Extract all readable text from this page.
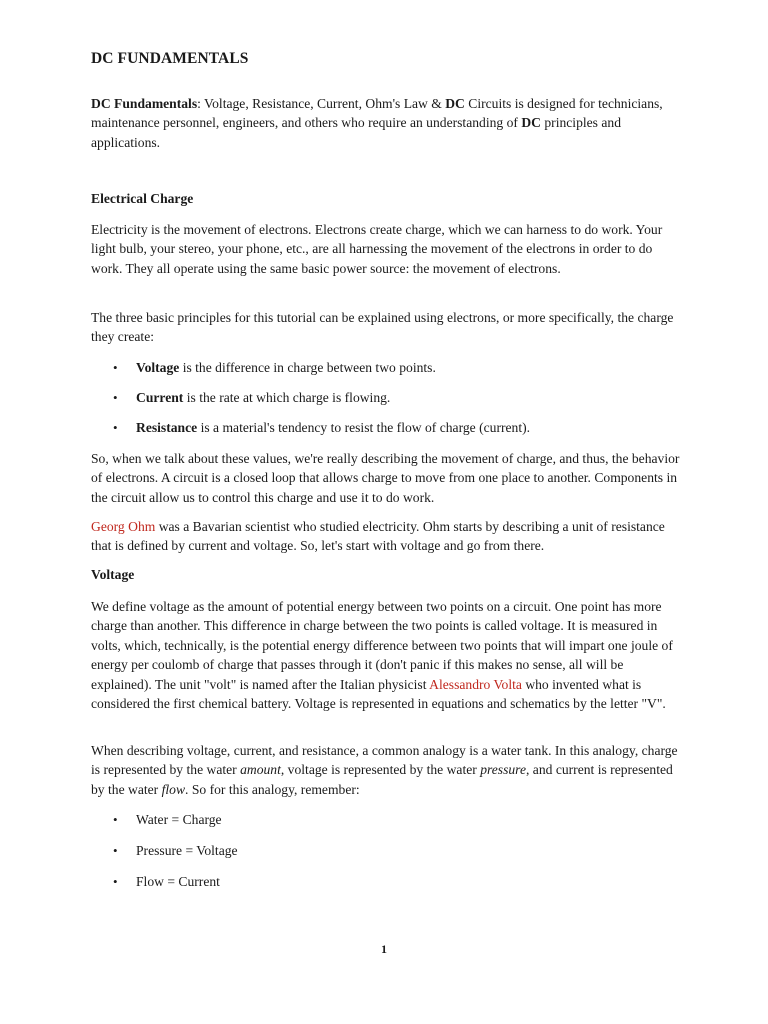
DC FUNDAMENTALS

DC Fundamentals: Voltage, Resistance, Current, Ohm's Law & DC Circuits is designed for technicians, maintenance personnel, engineers, and others who require an understanding of DC principles and applications.

Electrical Charge

Electricity is the movement of electrons. Electrons create charge, which we can harness to do work. Your light bulb, your stereo, your phone, etc., are all harnessing the movement of the electrons in order to do work. They all operate using the same basic power source: the movement of electrons.

The three basic principles for this tutorial can be explained using electrons, or more specifically, the charge they create:

• Voltage is the difference in charge between two points.
• Current is the rate at which charge is flowing.
• Resistance is a material's tendency to resist the flow of charge (current).

So, when we talk about these values, we're really describing the movement of charge, and thus, the behavior of electrons. A circuit is a closed loop that allows charge to move from one place to another. Components in the circuit allow us to control this charge and use it to do work.

Georg Ohm was a Bavarian scientist who studied electricity. Ohm starts by describing a unit of resistance that is defined by current and voltage. So, let's start with voltage and go from there.

Voltage

We define voltage as the amount of potential energy between two points on a circuit. One point has more charge than another. This difference in charge between the two points is called voltage. It is measured in volts, which, technically, is the potential energy difference between two points that will impart one joule of energy per coulomb of charge that passes through it (don't panic if this makes no sense, all will be explained). The unit "volt" is named after the Italian physicist Alessandro Volta who invented what is considered the first chemical battery. Voltage is represented in equations and schematics by the letter "V".

When describing voltage, current, and resistance, a common analogy is a water tank. In this analogy, charge is represented by the water amount, voltage is represented by the water pressure, and current is represented by the water flow. So for this analogy, remember:

• Water = Charge
• Pressure = Voltage
• Flow = Current
1
